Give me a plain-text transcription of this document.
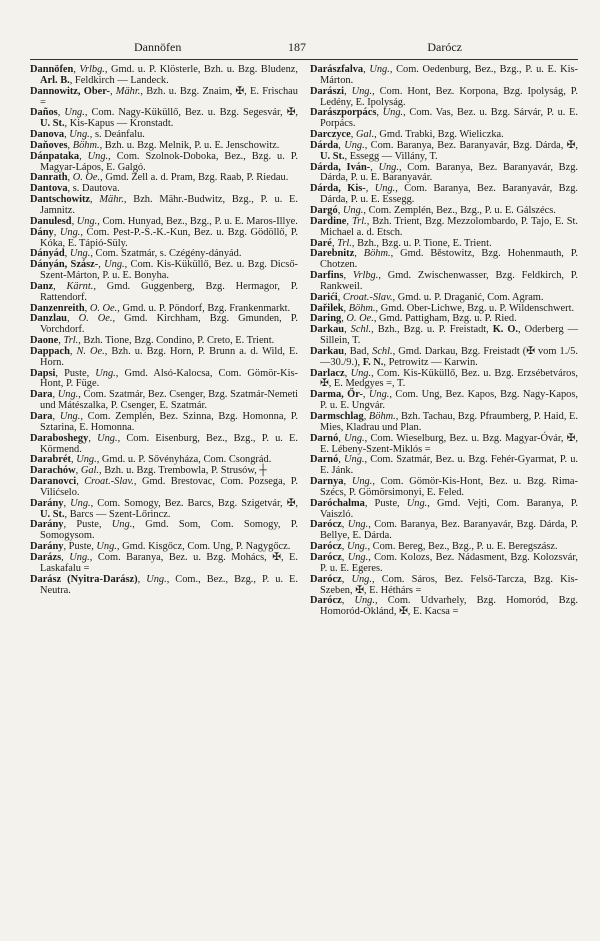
Dannöfen	187	Darócz

Dannöfen, Vrlbg., Gmd. u. P. Klösterle, Bzh. u. Bzg. Bludenz, Arl. B., Feldkirch — Landeck.

Dannowitz, Ober-, Mähr., Bzh. u. Bzg. Znaim, ✠, E. Frischau =

Daños, Ung., Com. Nagy-Küküllő, Bez. u. Bzg. Segesvár, ✠, U. St., Kis-Kapus — Kronstadt.

Danova, Ung., s. Deánfalu.

Daňoves, Böhm., Bzh. u. Bzg. Melnik, P. u. E. Jenschowitz.

Dánpataka, Ung., Com. Szolnok-Doboka, Bez., Bzg. u. P. Magyar-Lápos, E. Galgó.

Danrath, O. Oe., Gmd. Zell a. d. Pram, Bzg. Raab, P. Riedau.

Dantova, s. Dautova.

Dantschowitz, Mähr., Bzh. Mähr.-Budwitz, Bzg., P. u. E. Jamnitz.

Danulesd, Ung., Com. Hunyad, Bez., Bzg., P. u. E. Maros-Illye.

Dány, Ung., Com. Pest-P.-S.-K.-Kun, Bez. u. Bzg. Gödöllő, P. Kóka, E. Tápió-Süly.

Dányád, Ung., Com. Szatmár, s. Czégény-dányád.

Dányán, Szász-, Ung., Com. Kis-Küküllő, Bez. u. Bzg. Dicső-Szent-Márton, P. u. E. Bonyha.

Danz, Kärnt., Gmd. Guggenberg, Bzg. Hermagor, P. Rattendorf.

Danzenreith, O. Oe., Gmd. u. P. Pöndorf, Bzg. Frankenmarkt.

Danzlau, O. Oe., Gmd. Kirchham, Bzg. Gmunden, P. Vorchdorf.

Daone, Trl., Bzh. Tione, Bzg. Condino, P. Creto, E. Trient.

Dappach, N. Oe., Bzh. u. Bzg. Horn, P. Brunn a. d. Wild, E. Horn.

Dapsi, Puste, Ung., Gmd. Alsó-Kalocsa, Com. Gömör-Kis-Hont, P. Füge.

Dara, Ung., Com. Szatmár, Bez. Csenger, Bzg. Szatmár-Nemeti und Mátészalka, P. Csenger, E. Szatmár.

Dara, Ung., Com. Zemplén, Bez. Szinna, Bzg. Homonna, P. Sztarina, E. Homonna.

Daraboshegy, Ung., Com. Eisenburg, Bez., Bzg., P. u. E. Körmend.

Darabrét, Ung., Gmd. u. P. Sővényháza, Com. Csongrád.

Darachów, Gal., Bzh. u. Bzg. Trembowla, P. Strusów, ┼

Daranovci, Croat.-Slav., Gmd. Brestovac, Com. Pozsega, P. Vilićselo.

Darány, Ung., Com. Somogy, Bez. Barcs, Bzg. Szigetvár, ✠, U. St., Barcs — Szent-Lőrincz.

Darány, Puste, Ung., Gmd. Som, Com. Somogy, P. Somogysom.

Darány, Puste, Ung., Gmd. Kisgőcz, Com. Ung, P. Nagygőcz.

Darázs, Ung., Com. Baranya, Bez. u. Bzg. Mohács, ✠, E. Laskafalu =

Darász (Nyitra-Darász), Ung., Com., Bez., Bzg., P. u. E. Neutra.

Darászfalva, Ung., Com. Oedenburg, Bez., Bzg., P. u. E. Kis-Márton.

Darászi, Ung., Com. Hont, Bez. Korpona, Bzg. Ipolyság, P. Ledény, E. Ipolyság.

Darászporpács, Ung., Com. Vas, Bez. u. Bzg. Sárvár, P. u. E. Porpács.

Darczyce, Gal., Gmd. Trabki, Bzg. Wieliczka.

Dárda, Ung., Com. Baranya, Bez. Baranyavár, Bzg. Dárda, ✠, U. St., Essegg — Villány, T.

Dárda, Iván-, Ung., Com. Baranya, Bez. Baranyavár, Bzg. Dárda, P. u. E. Baranyavár.

Dárda, Kis-, Ung., Com. Baranya, Bez. Baranyavár, Bzg. Dárda, P. u. E. Essegg.

Dargó, Ung., Com. Zemplén, Bez., Bzg., P. u. E. Gálszécs.

Dardine, Trl., Bzh. Trient, Bzg. Mezzolombardo, P. Tajo, E. St. Michael a. d. Etsch.

Daré, Trl., Bzh., Bzg. u. P. Tione, E. Trient.

Darebnitz, Böhm., Gmd. Běstowitz, Bzg. Hohenmauth, P. Chotzen.

Darfins, Vrlbg., Gmd. Zwischenwasser, Bzg. Feldkirch, P. Rankweil.

Darići, Croat.-Slav., Gmd. u. P. Draganić, Com. Agram.

Dařilek, Böhm., Gmd. Ober-Lichwe, Bzg. u. P. Wildenschwert.

Daring, O. Oe., Gmd. Pattigham, Bzg. u. P. Ried.

Darkau, Schl., Bzh., Bzg. u. P. Freistadt, K. O., Oderberg — Sillein, T.

Darkau, Bad, Schl., Gmd. Darkau, Bzg. Freistadt (✠ vom 1./5.—30./9.), F. N., Petrowitz — Karwin.

Darlacz, Ung., Com. Kis-Küküllő, Bez. u. Bzg. Erzsébetváros, ✠, E. Medgyes =, T.

Darma, Őr-, Ung., Com. Ung, Bez. Kapos, Bzg. Nagy-Kapos, P. u. E. Ungvár.

Darmschlag, Böhm., Bzh. Tachau, Bzg. Pfraumberg, P. Haid, E. Mies, Kladrau und Plan.

Darnó, Ung., Com. Wieselburg, Bez. u. Bzg. Magyar-Óvár, ✠, E. Lébeny-Szent-Miklós =

Darnó, Ung., Com. Szatmár, Bez. u. Bzg. Fehér-Gyarmat, P. u. E. Jánk.

Darnya, Ung., Com. Gömör-Kis-Hont, Bez. u. Bzg. Rima-Szécs, P. Gömörsimonyi, E. Feled.

Daróchalma, Puste, Ung., Gmd. Vejti, Com. Baranya, P. Vaiszló.

Darócz, Ung., Com. Baranya, Bez. Baranyavár, Bzg. Dárda, P. Bellye, E. Dárda.

Darócz, Ung., Com. Bereg, Bez., Bzg., P. u. E. Beregszász.

Darócz, Ung., Com. Kolozs, Bez. Nádasment, Bzg. Kolozsvár, P. u. E. Egeres.

Darócz, Ung., Com. Sáros, Bez. Felső-Tarcza, Bzg. Kis-Szeben, ✠, E. Héthárs =

Darócz, Ung., Com. Udvarhely, Bzg. Homoród, Bzg. Homoród-Oklánd, ✠, E. Kacsa =
